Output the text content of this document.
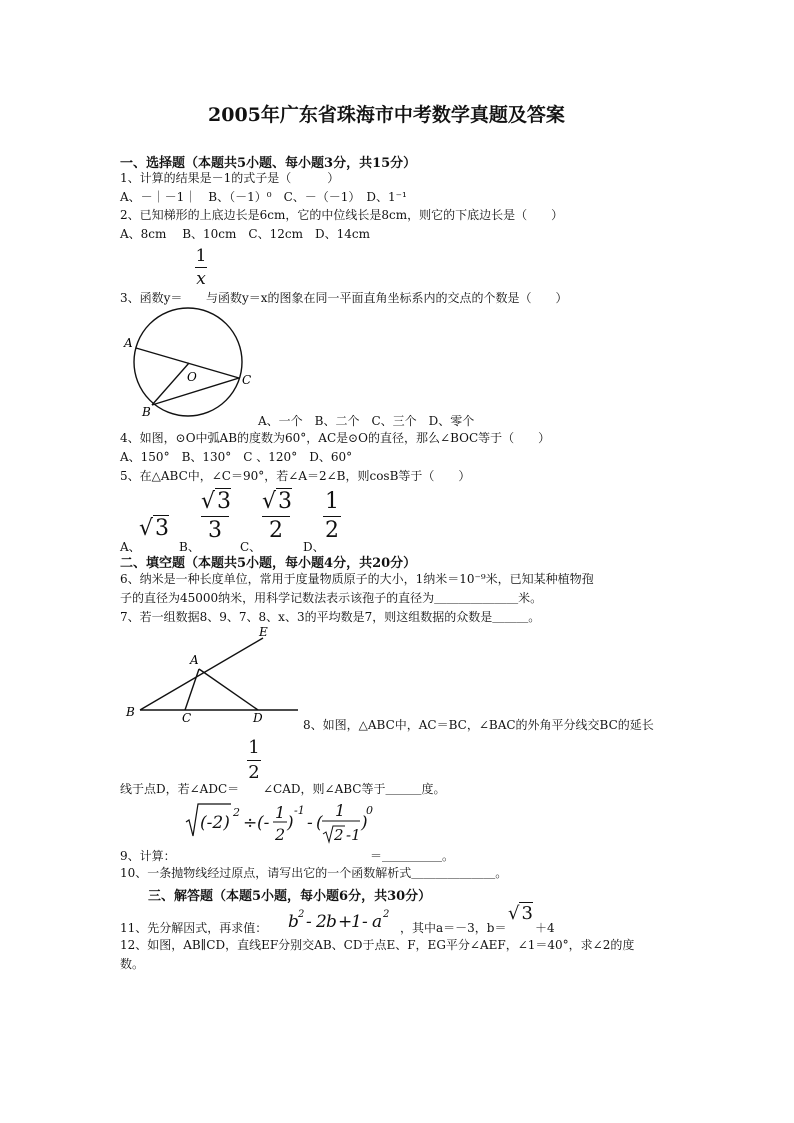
2005年广东省珠海市中考数学真题及答案
一、选择题（本题共5小题、每小题3分，共15分）
1、计算的结果是－1的式子是（　　　）
A、－｜－1｜　B、（－1）⁰　C、－（－1）　D、1⁻¹
2、已知梯形的上底边长是6cm，它的中位线长是8cm，则它的下底边长是（　　）
A、8cm　 B、10cm　C、12cm　D、14cm
$\frac{1}{x}$
3、函数y＝ 与函数y＝x的图象在同一平面直角坐标系内的交点的个数是（　　）
A
O	C
B
A、一个　B、二个　C、三个　D、零个
4、如图，⊙O中弧AB的度数为60°，AC是⊙O的直径，那么∠BOC等于（　　）
A、150°　B、130°　C 、120°　D、60°
5、在△ABC中，∠C＝90°，若∠A＝2∠B，则cosB等于（　　）
A、
√3
B、
$\frac{√3}{3}$
C、
$\frac{√3}{2}$
D、
$\frac{1}{2}$
二、填空题（本题共5小题，每小题4分，共20分）
6、纳米是一种长度单位，常用于度量物质原子的大小，1纳米＝10⁻⁹米，已知某种植物孢
子的直径为45000纳米，用科学记数法表示该孢子的直径为＿＿＿＿＿＿＿米。
7、若一组数据8、9、7、8、x、3的平均数是7，则这组数据的众数是＿＿＿。
E
A
B	C	D	8、如图，△ABC中，AC＝BC，∠BAC的外角平分线交BC的延长
$\frac{1}{2}$
线于点D，若∠ADC＝ ∠CAD，则∠ABC等于＿＿＿度。
(-2)
2
÷ (-
1
2
)
-1
- (
1
2 -1
)
0
9、计算：	＝＿＿＿＿＿。
10、一条抛物线经过原点，请写出它的一个函数解析式＿＿＿＿＿＿＿。
三、解答题（本题5小题，每小题6分，共30分）
11、先分解因式，再求值： b 2 - 2 b +
1 - a 2
，其中a＝－3，b＝
√ 3
＋4
12、如图，AB∥CD，直线EF分别交AB、CD于点E、F，EG平分∠AEF，∠1＝40°，求∠2的度
数。
